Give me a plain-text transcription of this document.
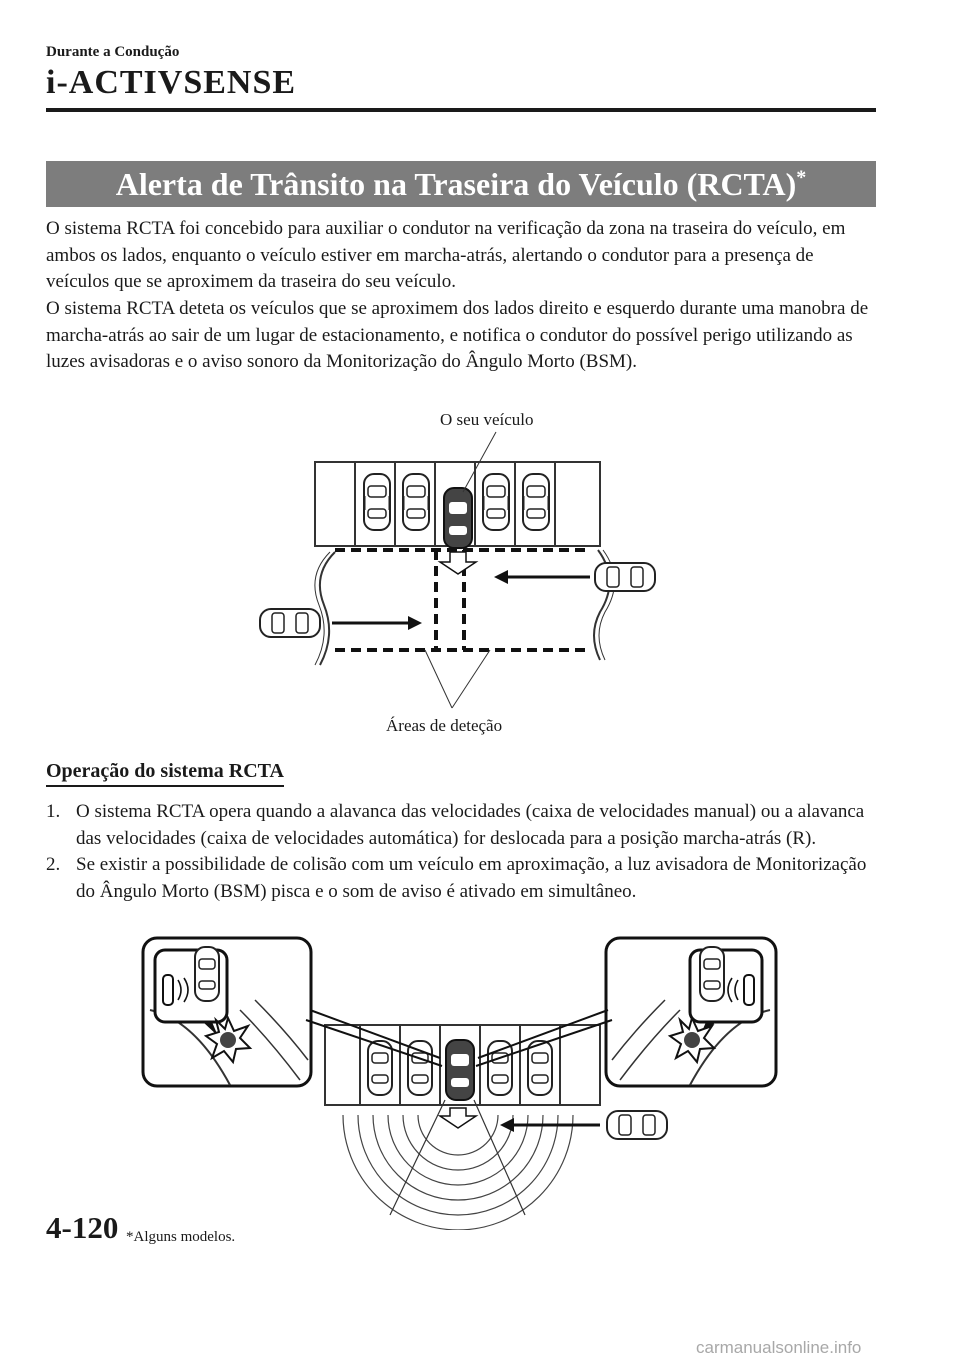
Durante a Condução
i-ACTIVSENSE
Alerta de Trânsito na Traseira do Veículo (RCTA)*

O sistema RCTA foi concebido para auxiliar o condutor na verificação da zona na traseira do veículo, em ambos os lados, enquanto o veículo estiver em marcha-atrás, alertando o condutor para a presença de veículos que se aproximem da traseira do seu veículo.

O sistema RCTA deteta os veículos que se aproximem dos lados direito e esquerdo durante uma manobra de marcha-atrás ao sair de um lugar de estacionamento, e notifica o condutor do possível perigo utilizando as luzes avisadoras e o aviso sonoro da Monitorização do Ângulo Morto (BSM).

O seu veículo
Áreas de deteção
Operação do sistema RCTA
1. O sistema RCTA opera quando a alavanca das velocidades (caixa de velocidades manual) ou a alavanca das velocidades (caixa de velocidades automática) for deslocada para a posição marcha-atrás (R).
2. Se existir a possibilidade de colisão com um veículo em aproximação, a luz avisadora de Monitorização do Ângulo Morto (BSM) pisca e o som de aviso é ativado em simultâneo.
4-120 *Alguns modelos.
carmanualsonline.info
